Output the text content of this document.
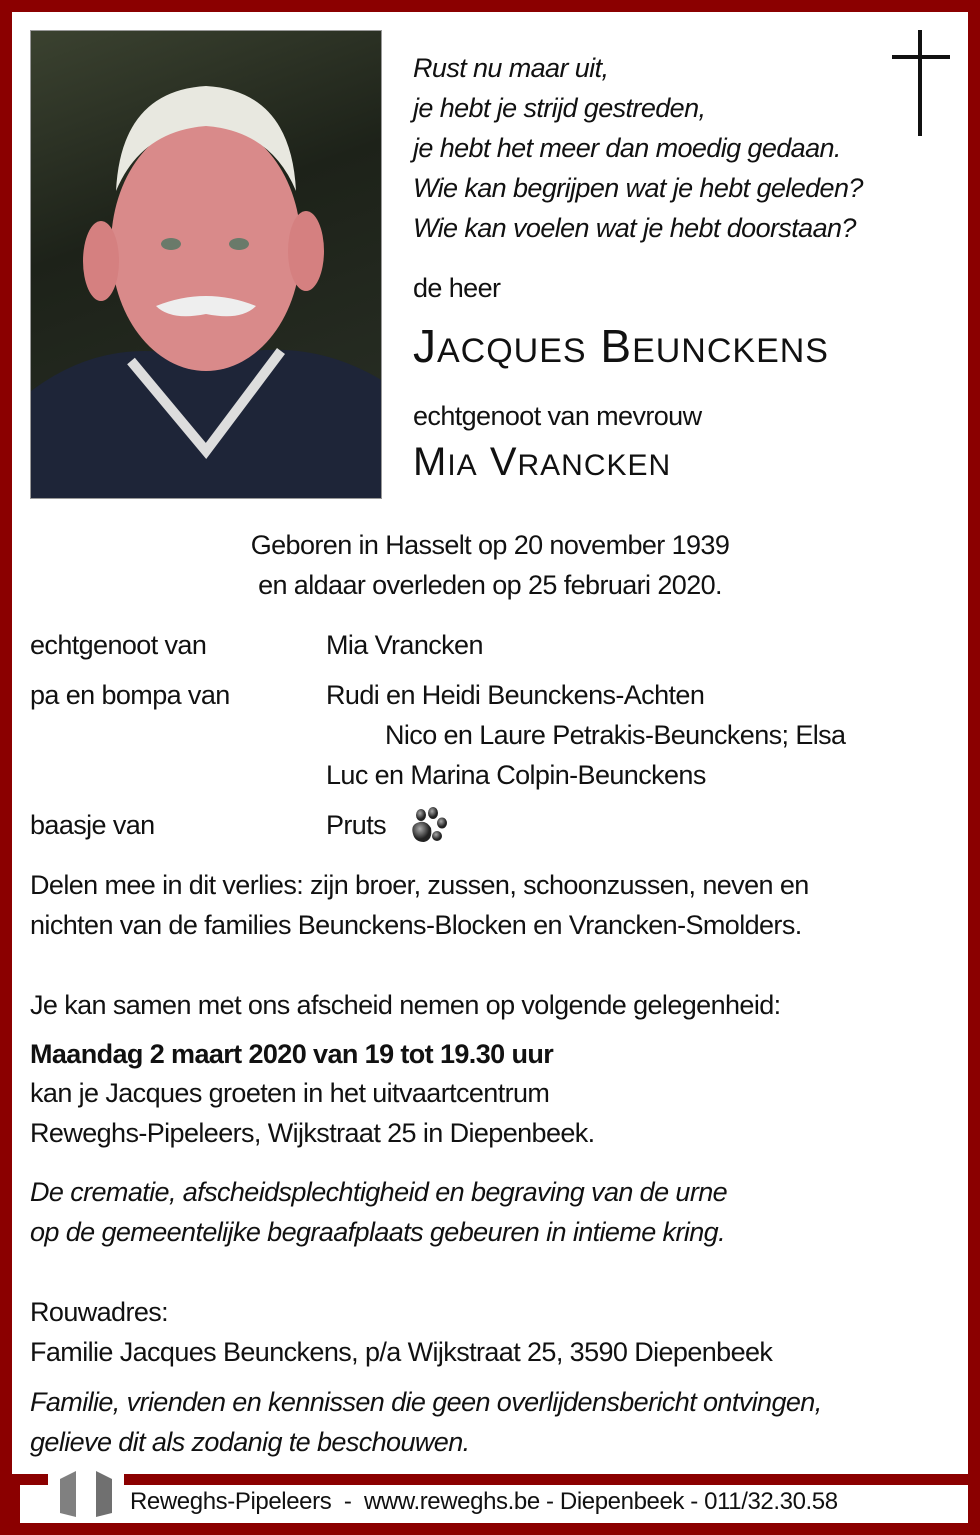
Rust nu maar uit,
je hebt je strijd gestreden,
je hebt het meer dan moedig gedaan.
Wie kan begrijpen wat je hebt geleden?
Wie kan voelen wat je hebt doorstaan?
de heer
JACQUES BEUNCKENS
echtgenoot van mevrouw
MIA VRANCKEN
Geboren in Hasselt op 20 november 1939
en aldaar overleden op 25 februari 2020.
echtgenoot van	Mia Vrancken
pa en bompa van	Rudi en Heidi Beunckens-Achten
Nico en Laure Petrakis-Beunckens; Elsa
Luc en Marina Colpin-Beunckens
baasje van	Pruts
Delen mee in dit verlies: zijn broer, zussen, schoonzussen, neven en
nichten van de families Beunckens-Blocken en Vrancken-Smolders.
Je kan samen met ons afscheid nemen op volgende gelegenheid:
Maandag 2 maart 2020 van 19 tot 19.30 uur
kan je Jacques groeten in het uitvaartcentrum
Reweghs-Pipeleers, Wijkstraat 25 in Diepenbeek.
De crematie, afscheidsplechtigheid en begraving van de urne
op de gemeentelijke begraafplaats gebeuren in intieme kring.
Rouwadres:
Familie Jacques Beunckens, p/a Wijkstraat 25, 3590 Diepenbeek
Familie, vrienden en kennissen die geen overlijdensbericht ontvingen,
gelieve dit als zodanig te beschouwen.
Reweghs-Pipeleers  -  www.reweghs.be - Diepenbeek - 011/32.30.58
